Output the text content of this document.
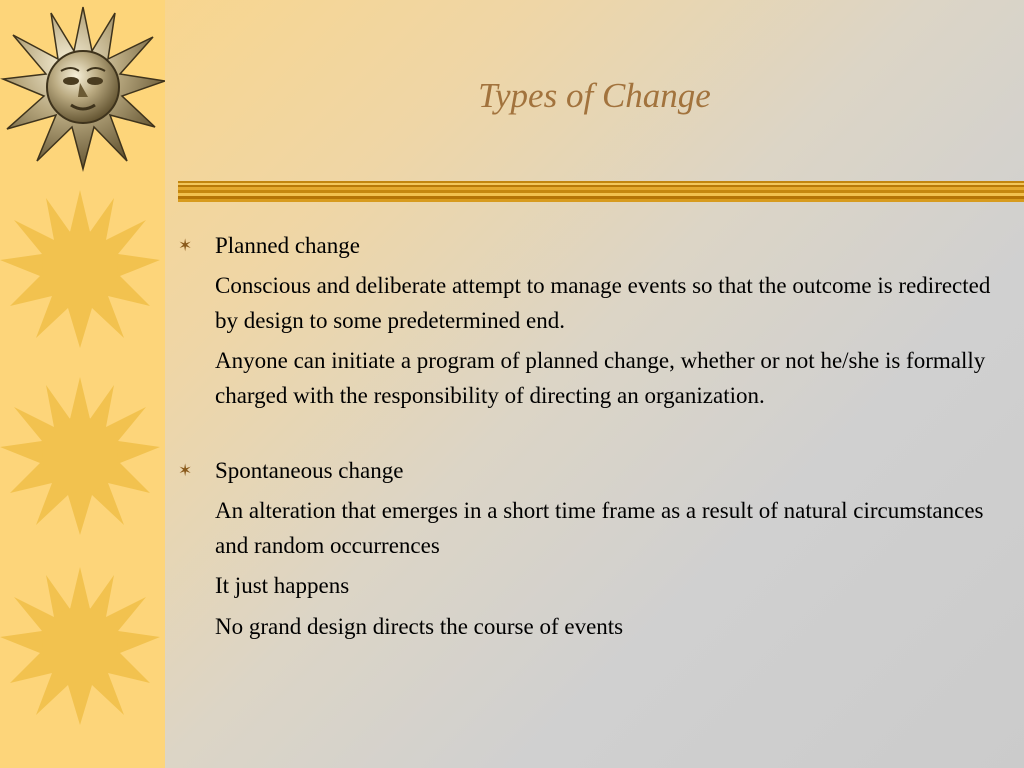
Types of Change
✶ Planned change
Conscious and deliberate attempt to manage events so that the outcome is redirected by design to some predetermined end.
Anyone can initiate a program of planned change, whether or not he/she is formally charged with the responsibility of directing an organization.
✶ Spontaneous change
An alteration that emerges in a short time frame as a result of natural circumstances and random occurrences
It just happens
No grand design directs the course of events
